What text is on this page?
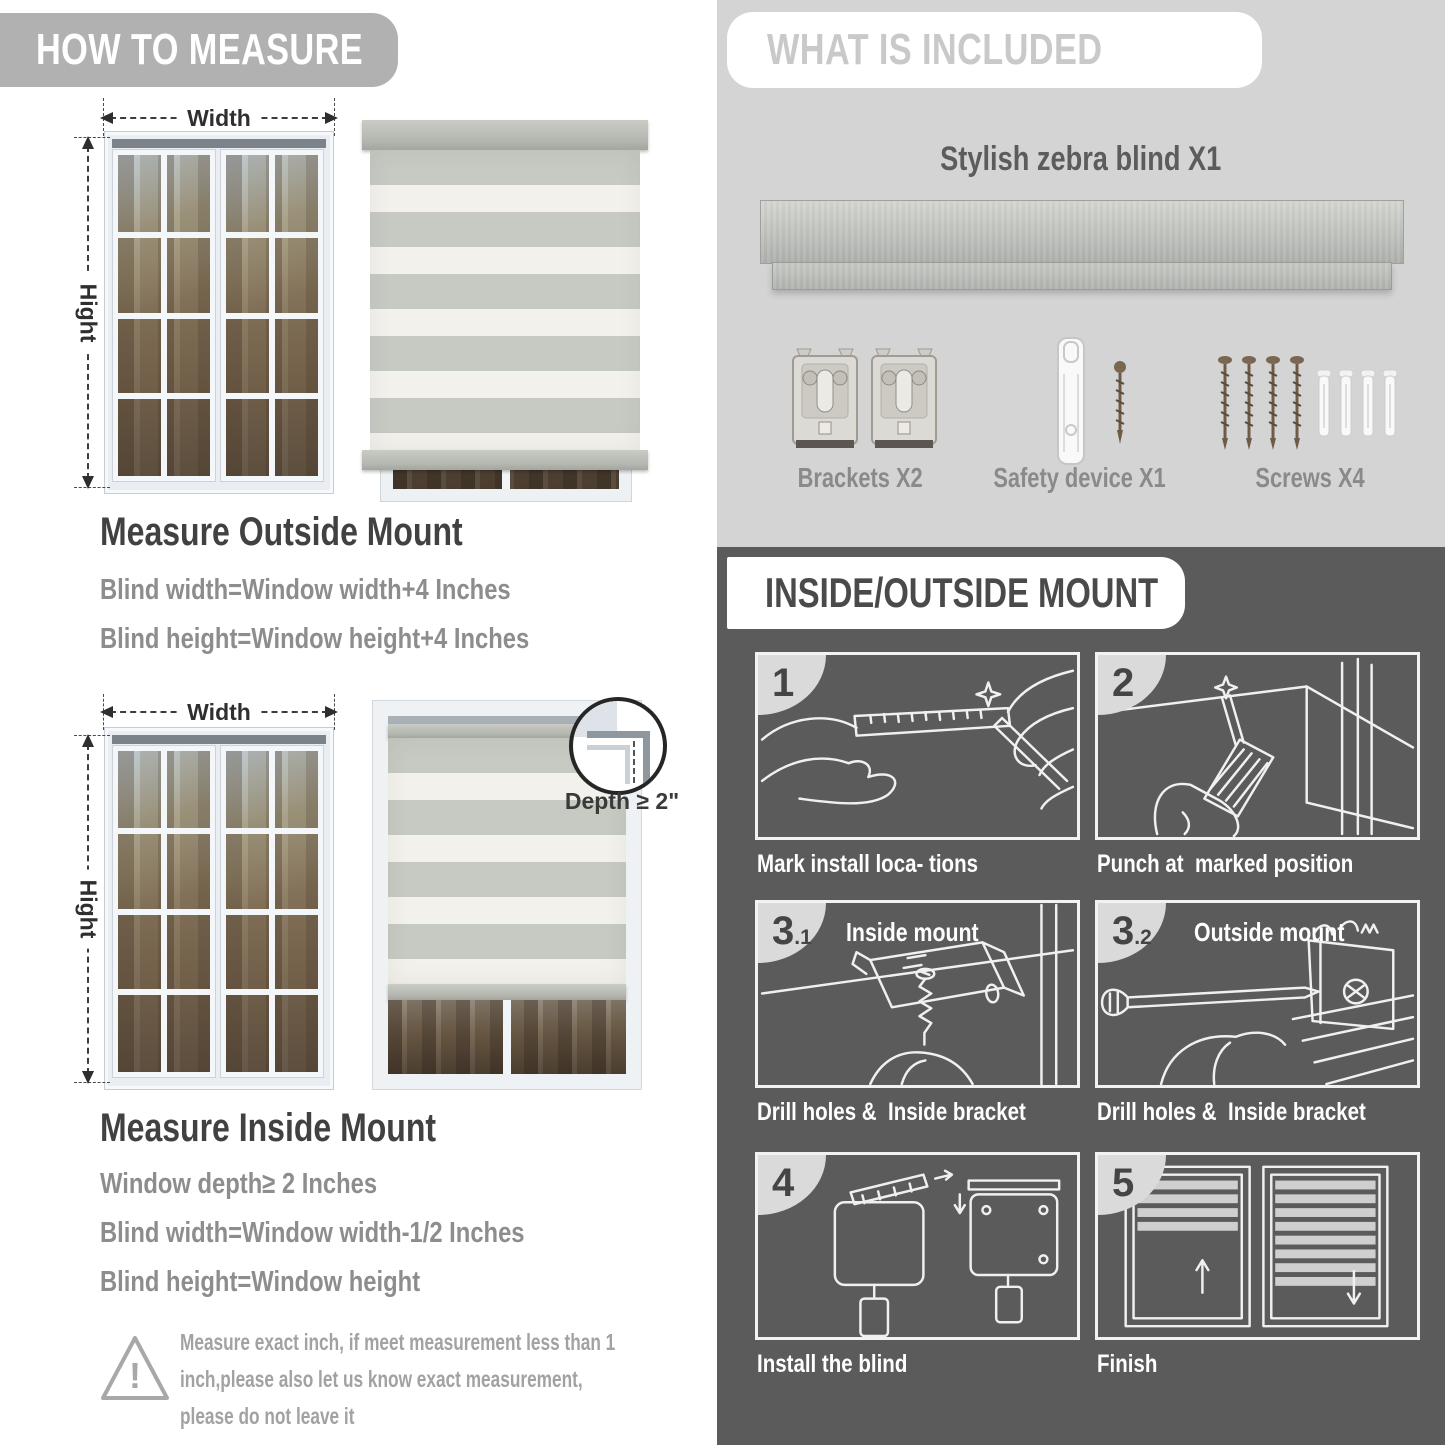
HOW TO MEASURE
Width
Hight
Measure Outside Mount
Blind width=Window width+4 Inches
Blind height=Window height+4 Inches
Width
Hight
Depth ≥ 2"
Measure Inside Mount
Window depth≥ 2 Inches
Blind width=Window width-1/2 Inches
Blind height=Window height
!
Measure exact inch, if meet measurement less than 1 inch,please also let us know exact measurement, please do not leave it
WHAT IS INCLUDED
Stylish zebra blind X1
Brackets X2	Safety device X1	Screws X4
INSIDE/OUTSIDE MOUNT
1
Mark install loca- tions
2
Punch at  marked position
3.1	Inside mount
Drill holes &  Inside bracket
3.2	Outside mount
Drill holes &  Inside bracket
4
Install the blind
5
Finish
